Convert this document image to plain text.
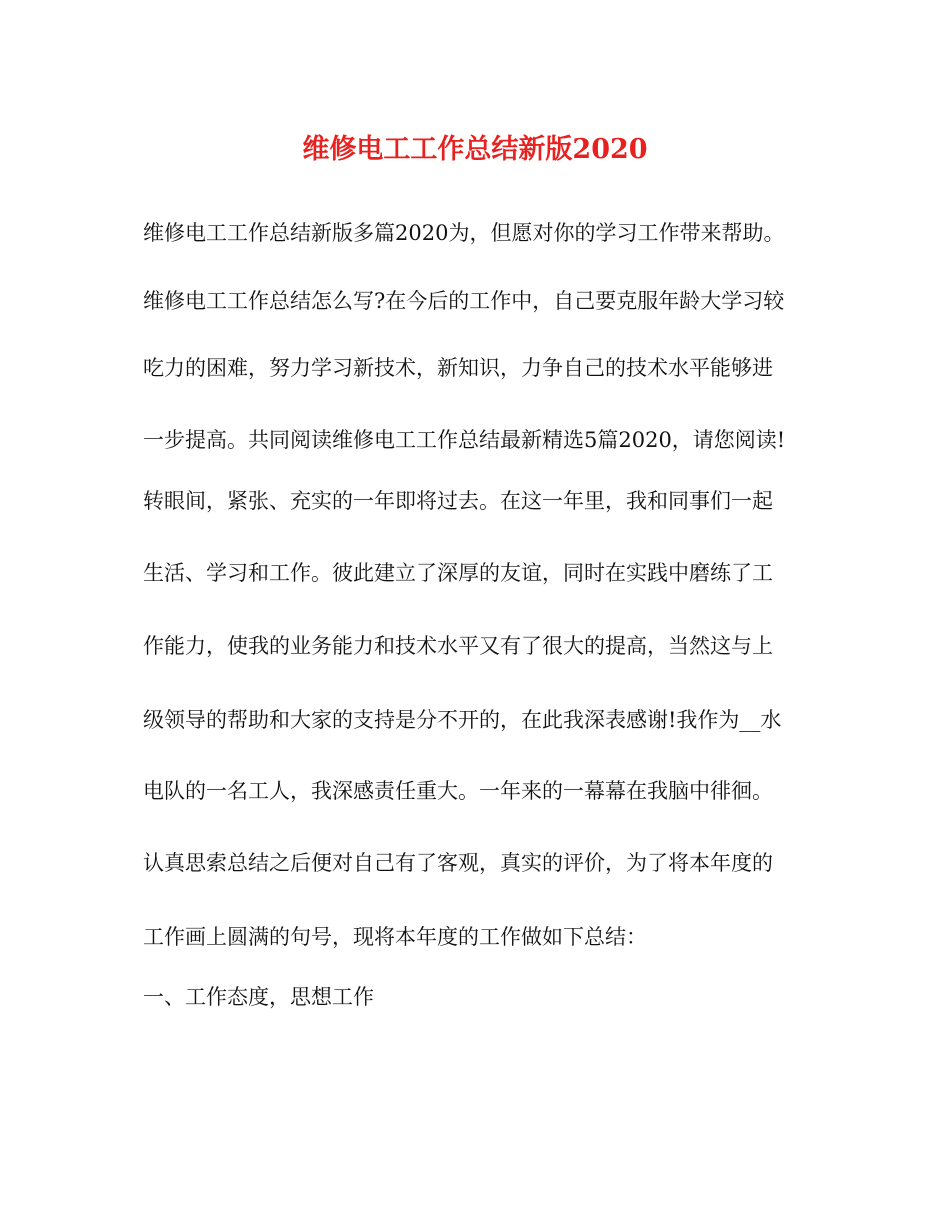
维修电工工作总结新版2020
维修电工工作总结新版多篇2020为，但愿对你的学习工作带来帮助。
维修电工工作总结怎么写?在今后的工作中，自己要克服年龄大学习较
吃力的困难，努力学习新技术，新知识，力争自己的技术水平能够进
一步提高。共同阅读维修电工工作总结最新精选5篇2020，请您阅读!
转眼间，紧张、充实的一年即将过去。在这一年里，我和同事们一起
生活、学习和工作。彼此建立了深厚的友谊，同时在实践中磨练了工
作能力，使我的业务能力和技术水平又有了很大的提高，当然这与上
级领导的帮助和大家的支持是分不开的，在此我深表感谢!我作为__水
电队的一名工人，我深感责任重大。一年来的一幕幕在我脑中徘徊。
认真思索总结之后便对自己有了客观，真实的评价，为了将本年度的
工作画上圆满的句号，现将本年度的工作做如下总结：
一、工作态度，思想工作
